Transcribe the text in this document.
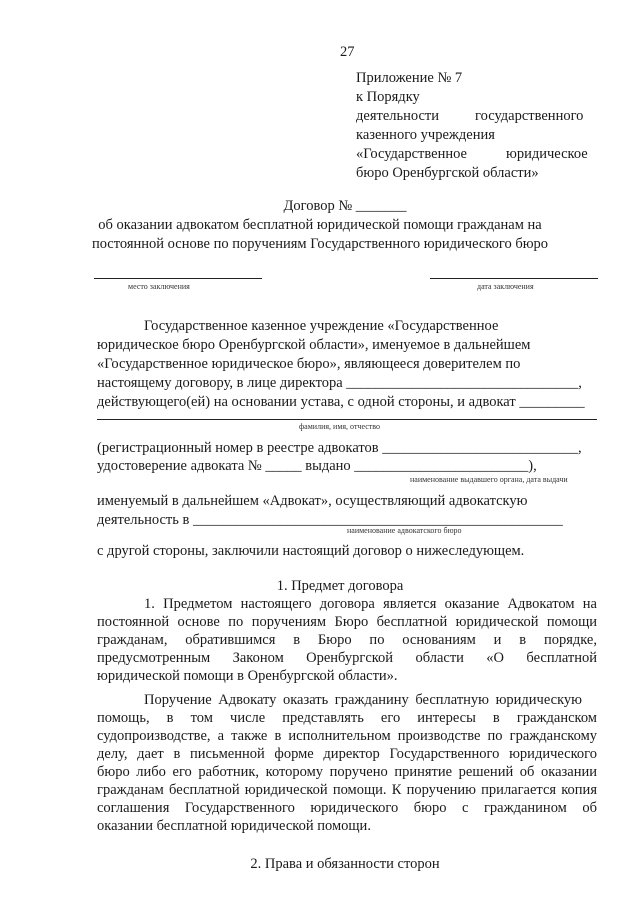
27
Приложение № 7
к Порядку
деятельности государственного
казенного учреждения
«Государственное	юридическое
бюро Оренбургской области»
Договор № _______
об оказании адвокатом бесплатной юридической помощи гражданам на
постоянной основе по поручениям Государственного юридического бюро
место заключения	дата заключения
Государственное казенное учреждение «Государственное
юридическое бюро Оренбургской области», именуемое в дальнейшем
«Государственное юридическое бюро», являющееся доверителем по
настоящему договору, в лице директора ________________________________,
действующего(ей) на основании устава, с одной стороны, и адвокат _________
фамилия, имя, отчество
(регистрационный номер в реестре адвокатов ___________________________,
удостоверение адвоката № _____ выдано ________________________),
наименование выдавшего органа, дата выдачи
именуемый в дальнейшем «Адвокат», осуществляющий адвокатскую
деятельность в ___________________________________________________
наименование адвокатского бюро
с другой стороны, заключили настоящий договор о нижеследующем.
1. Предмет договора
1. Предметом настоящего договора является оказание Адвокатом на
постоянной основе по поручениям Бюро бесплатной юридической помощи
гражданам, обратившимся в Бюро по основаниям и в порядке,
предусмотренным Законом Оренбургской области «О бесплатной
юридической помощи в Оренбургской области».
Поручение Адвокату оказать гражданину бесплатную юридическую
помощь, в том числе представлять его интересы в гражданском
судопроизводстве, а также в исполнительном производстве по гражданскому
делу, дает в письменной форме директор Государственного юридического
бюро либо его работник, которому поручено принятие решений об оказании
гражданам бесплатной юридической помощи. К поручению прилагается копия
соглашения Государственного юридического бюро с гражданином об
оказании бесплатной юридической помощи.
2. Права и обязанности сторон
